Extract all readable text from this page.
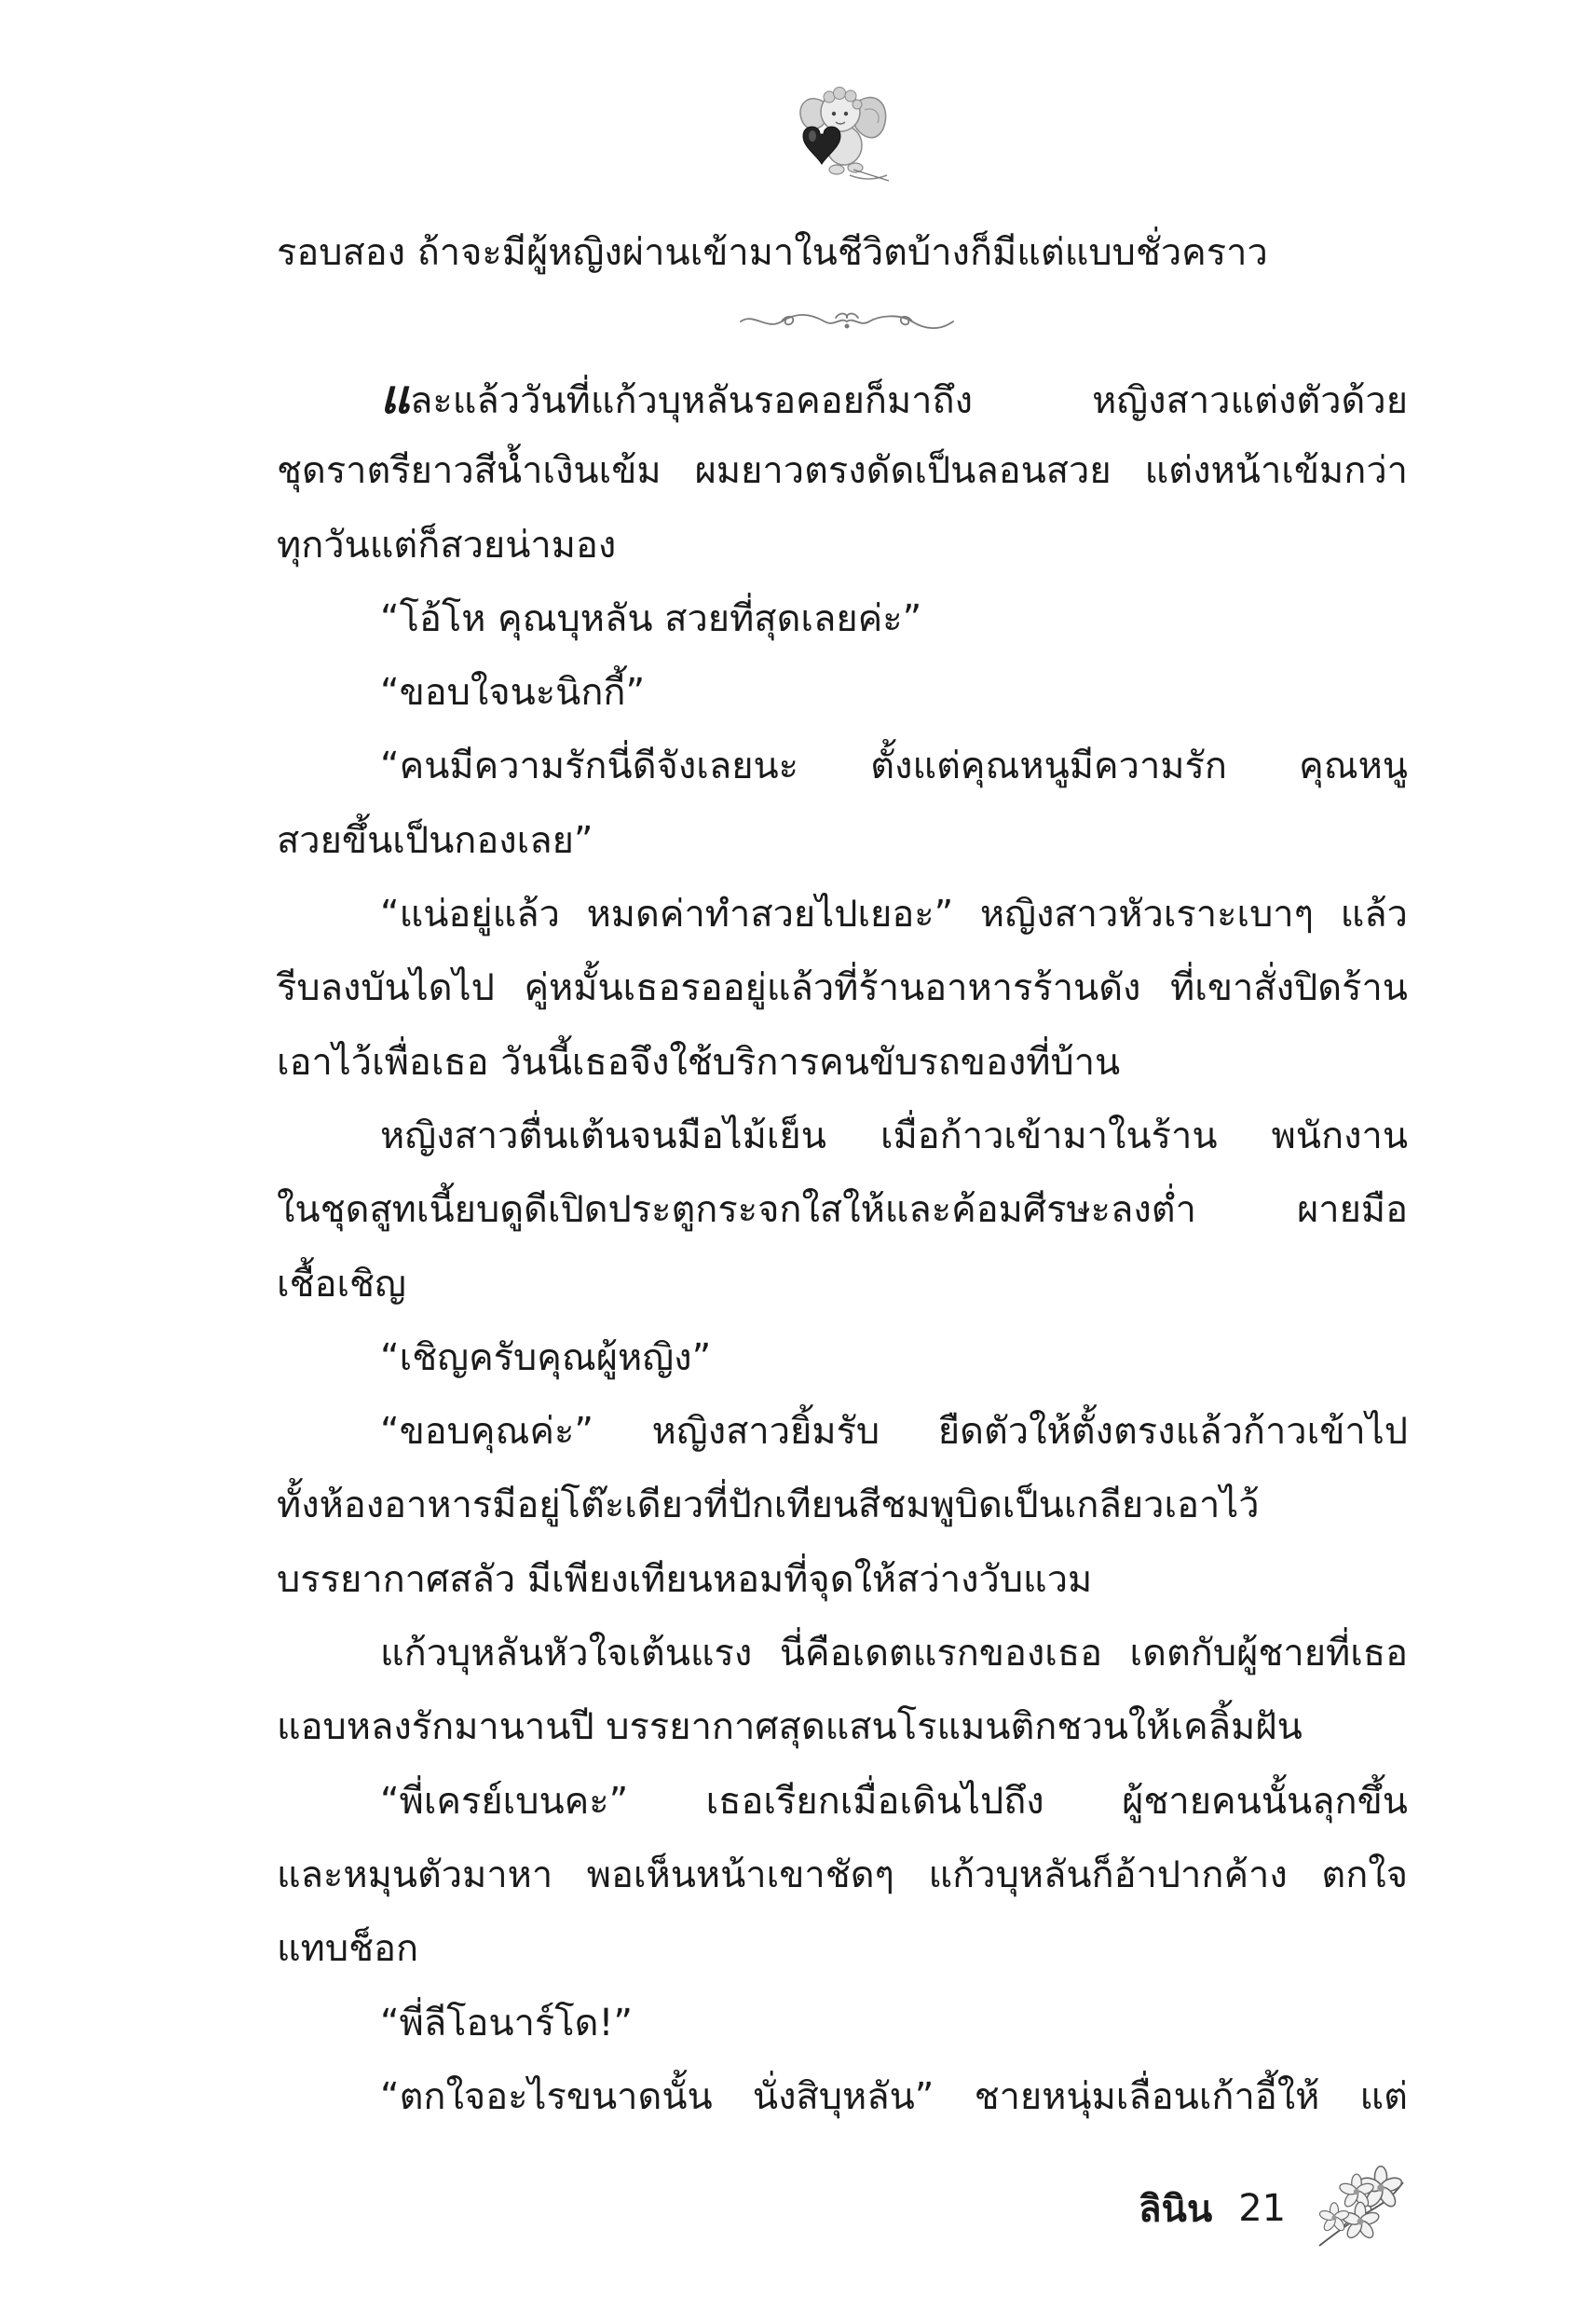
รอบสอง ถ้าจะมีผู้หญิงผ่านเข้ามาในชีวิตบ้างก็มีแต่แบบชั่วคราว
และแล้ววันที่แก้วบุหลันรอคอยก็มาถึง หญิงสาวแต่งตัวด้วย
ชุดราตรียาวสีน้ำเงินเข้ม ผมยาวตรงดัดเป็นลอนสวย แต่งหน้าเข้มกว่า
ทุกวันแต่ก็สวยน่ามอง
“โอ้โห คุณบุหลัน สวยที่สุดเลยค่ะ”
“ขอบใจนะนิกกี้”
“คนมีความรักนี่ดีจังเลยนะ ตั้งแต่คุณหนูมีความรัก คุณหนู
สวยขึ้นเป็นกองเลย”
“แน่อยู่แล้ว หมดค่าทำสวยไปเยอะ” หญิงสาวหัวเราะเบาๆ แล้ว
รีบลงบันไดไป คู่หมั้นเธอรออยู่แล้วที่ร้านอาหารร้านดัง ที่เขาสั่งปิดร้าน
เอาไว้เพื่อเธอ วันนี้เธอจึงใช้บริการคนขับรถของที่บ้าน
หญิงสาวตื่นเต้นจนมือไม้เย็น เมื่อก้าวเข้ามาในร้าน พนักงาน
ในชุดสูทเนี้ยบดูดีเปิดประตูกระจกใสให้และค้อมศีรษะลงต่ำ ผายมือ
เชื้อเชิญ
“เชิญครับคุณผู้หญิง”
“ขอบคุณค่ะ” หญิงสาวยิ้มรับ ยืดตัวให้ตั้งตรงแล้วก้าวเข้าไป
ทั้งห้องอาหารมีอยู่โต๊ะเดียวที่ปักเทียนสีชมพูบิดเป็นเกลียวเอาไว้
บรรยากาศสลัว มีเพียงเทียนหอมที่จุดให้สว่างวับแวม
แก้วบุหลันหัวใจเต้นแรง นี่คือเดตแรกของเธอ เดตกับผู้ชายที่เธอ
แอบหลงรักมานานปี บรรยากาศสุดแสนโรแมนติกชวนให้เคลิ้มฝัน
“พี่เครย์เบนคะ” เธอเรียกเมื่อเดินไปถึง ผู้ชายคนนั้นลุกขึ้น
และหมุนตัวมาหา พอเห็นหน้าเขาชัดๆ แก้วบุหลันก็อ้าปากค้าง ตกใจ
แทบช็อก
“พี่ลีโอนาร์โด!”
“ตกใจอะไรขนาดนั้น นั่งสิบุหลัน” ชายหนุ่มเลื่อนเก้าอี้ให้ แต่
ลินิน 21
